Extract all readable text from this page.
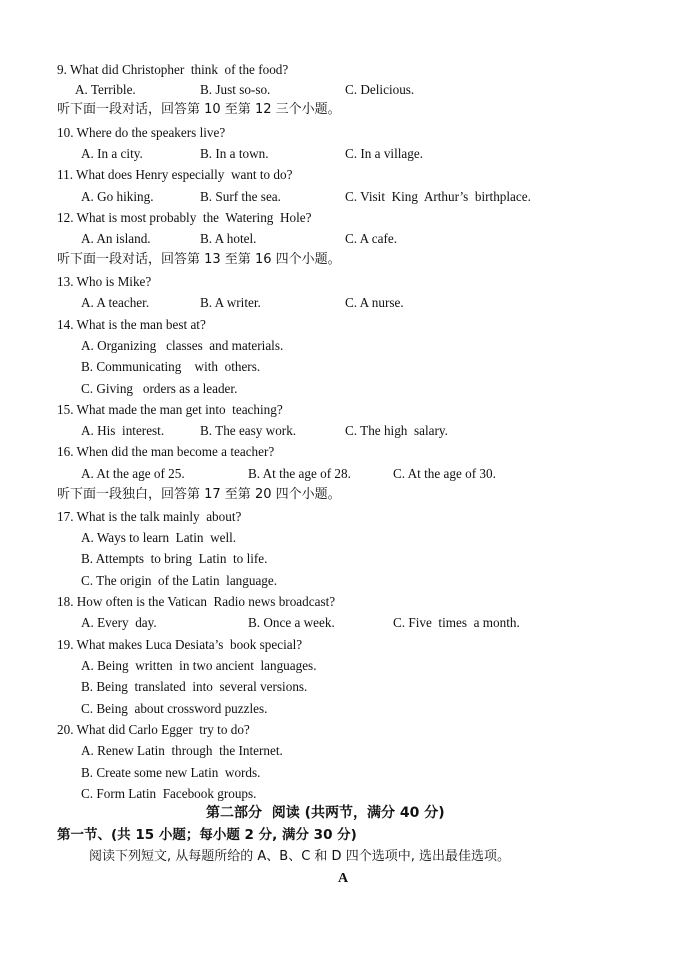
9. What did Christopher  think  of the food?
A. Terrible.	B. Just so-so.	C. Delicious.
听下面一段对话，回答第 10 至第 12 三个小题。
10. Where do the speakers live?
A. In a city.	B. In a town.	C. In a village.
11. What does Henry especially  want to do?
A. Go hiking.	B. Surf the sea.	C. Visit  King  Arthur’s  birthplace.
12. What is most probably  the  Watering  Hole?
A. An island.	B. A hotel.	C. A cafe.
听下面一段对话，回答第 13 至第 16 四个小题。
13. Who is Mike?
A. A teacher.	B. A writer.	C. A nurse.
14. What is the man best at?
A. Organizing   classes  and materials.
B. Communicating    with  others.
C. Giving   orders as a leader.
15. What made the man get into  teaching?
A. His  interest.	B. The easy work.	C. The high  salary.
16. When did the man become a teacher?
A. At the age of 25.	B. At the age of 28.	C. At the age of 30.
听下面一段独白，回答第 17 至第 20 四个小题。
17. What is the talk mainly  about?
A. Ways to learn  Latin  well.
B. Attempts  to bring  Latin  to life.
C. The origin  of the Latin  language.
18. How often is the Vatican  Radio news broadcast?
A. Every  day.	B. Once a week.	C. Five  times  a month.
19. What makes Luca Desiata’s  book special?
A. Being  written  in two ancient  languages.
B. Being  translated  into  several versions.
C. Being  about crossword puzzles.
20. What did Carlo Egger  try to do?
A. Renew Latin  through  the Internet.
B. Create some new Latin  words.
C. Form Latin  Facebook groups.
第二部分  阅读 (共两节，满分 40 分)
第一节、(共 15 小题；每小题 2 分, 满分 30 分)
阅读下列短文, 从每题所给的 A、B、C 和 D 四个选项中, 选出最佳选项。
A
